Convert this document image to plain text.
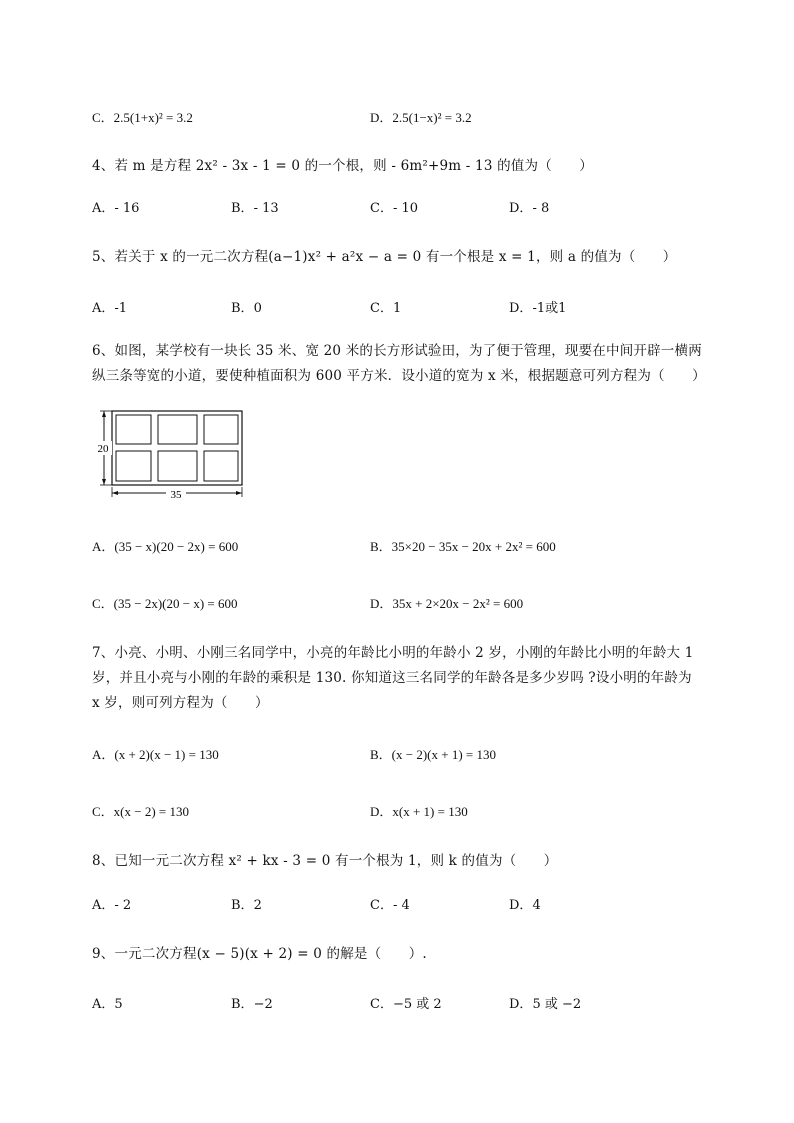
C．2.5(1+x)² = 3.2	D．2.5(1−x)² = 3.2
4、若 m 是方程 2x² - 3x - 1 = 0 的一个根，则 - 6m²+9m - 13 的值为（　　）
A．- 16	B．- 13	C．- 10	D．- 8
5、若关于 x 的一元二次方程(a−1)x² + a²x − a = 0 有一个根是 x = 1，则 a 的值为（　　）
A．-1	B．0	C．1	D．-1或1
6、如图，某学校有一块长 35 米、宽 20 米的长方形试验田，为了便于管理，现要在中间开辟一横两
纵三条等宽的小道，要使种植面积为 600 平方米．设小道的宽为 x 米，根据题意可列方程为（　　）
20
35
A．(35 − x)(20 − 2x) = 600	B．35×20 − 35x − 20x + 2x² = 600
C．(35 − 2x)(20 − x) = 600	D．35x + 2×20x − 2x² = 600
7、小亮、小明、小刚三名同学中，小亮的年龄比小明的年龄小 2 岁，小刚的年龄比小明的年龄大 1
岁，并且小亮与小刚的年龄的乘积是 130. 你知道这三名同学的年龄各是多少岁吗 ?设小明的年龄为
x 岁，则可列方程为（　　）
A．(x + 2)(x − 1) = 130	B．(x − 2)(x + 1) = 130
C．x(x − 2) = 130	D．x(x + 1) = 130
8、已知一元二次方程 x² + kx - 3 = 0 有一个根为 1，则 k 的值为（　　）
A．- 2	B．2	C．- 4	D．4
9、一元二次方程(x − 5)(x + 2) = 0 的解是（　　）.
A．5	B．−2	C．−5 或 2	D．5 或 −2
